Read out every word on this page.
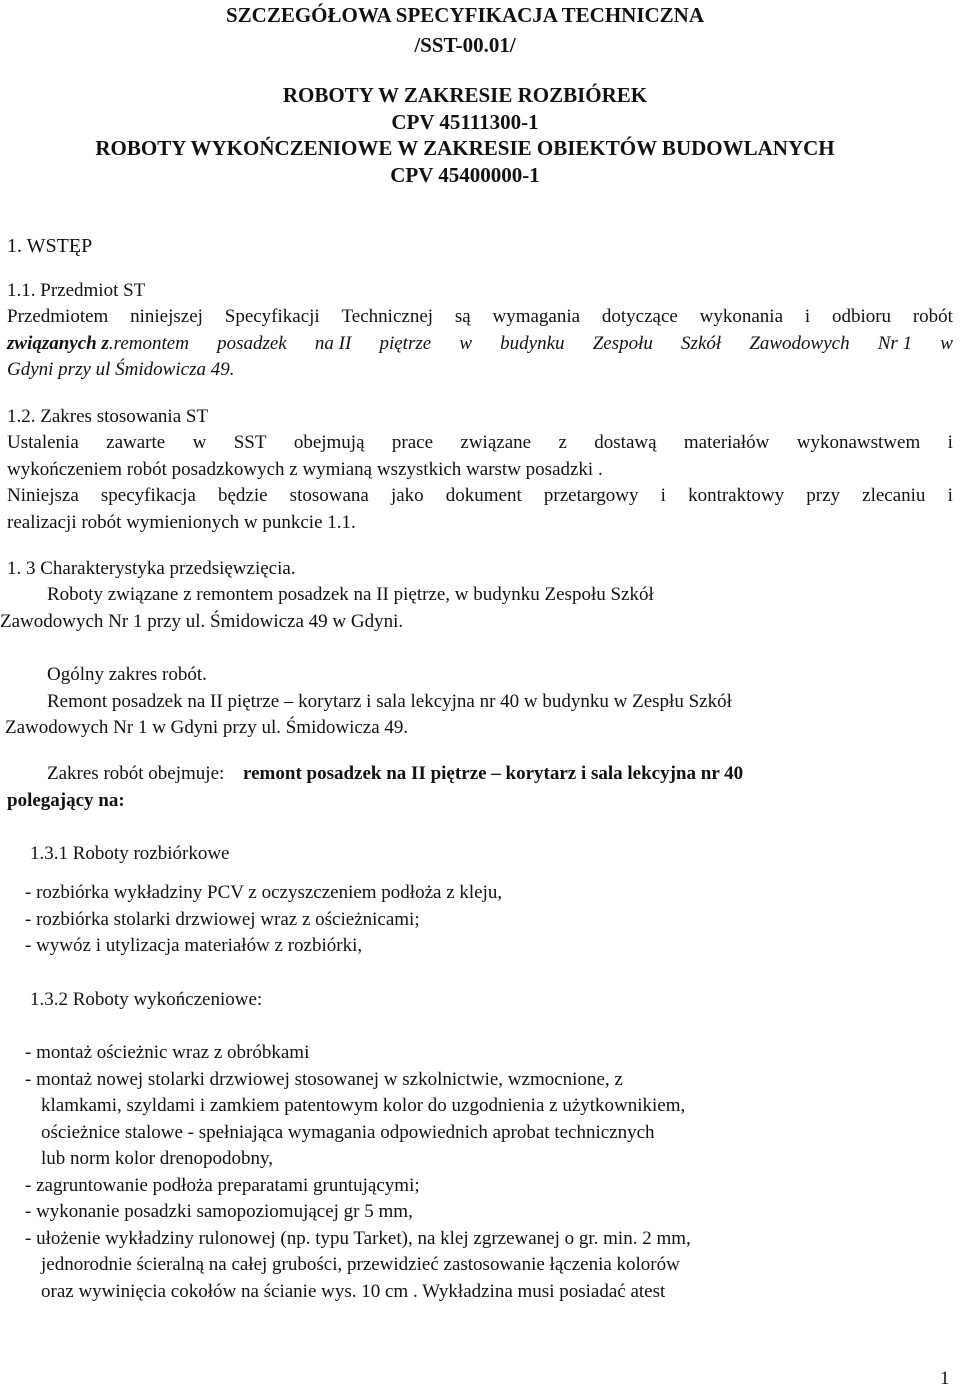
SZCZEGÓŁOWA SPECYFIKACJA TECHNICZNA
/SST-00.01/
ROBOTY W ZAKRESIE ROZBIÓREK
CPV 45111300-1
ROBOTY WYKOŃCZENIOWE W ZAKRESIE OBIEKTÓW BUDOWLANYCH
CPV 45400000-1
1. WSTĘP
1.1. Przedmiot ST
Przedmiotem niniejszej Specyfikacji Technicznej są wymagania dotyczące wykonania i odbioru robót
związanych z .remontem posadzek na II piętrze w budynku Zespołu Szkół Zawodowych Nr 1 w
Gdyni przy ul Śmidowicza 49.
1.2. Zakres stosowania ST
Ustalenia zawarte w SST obejmują prace związane z dostawą materiałów wykonawstwem i
wykończeniem robót posadzkowych z wymianą wszystkich warstw posadzki .
Niniejsza specyfikacja będzie stosowana jako dokument przetargowy i kontraktowy przy zlecaniu i
realizacji robót wymienionych w punkcie 1.1.
1. 3 Charakterystyka przedsięwzięcia.
Roboty związane z remontem posadzek na II piętrze, w budynku Zespołu Szkół
Zawodowych Nr 1 przy ul. Śmidowicza 49 w Gdyni.
Ogólny zakres robót.
Remont posadzek na II piętrze – korytarz i sala lekcyjna nr 40 w budynku w Zespłu Szkół
Zawodowych Nr 1 w Gdyni przy ul. Śmidowicza 49.
Zakres robót obejmuje: remont posadzek na II piętrze – korytarz i sala lekcyjna nr 40
polegający na:
1.3.1 Roboty rozbiórkowe
- rozbiórka wykładziny PCV z oczyszczeniem podłoża z kleju,
- rozbiórka stolarki drzwiowej wraz z ościeżnicami;
- wywóz i utylizacja materiałów z rozbiórki,
1.3.2 Roboty wykończeniowe:
- montaż ościeżnic wraz z obróbkami
- montaż nowej stolarki drzwiowej stosowanej w szkolnictwie, wzmocnione, z
klamkami, szyldami i zamkiem patentowym kolor do uzgodnienia z użytkownikiem,
ościeżnice stalowe - spełniająca wymagania odpowiednich aprobat technicznych
lub norm kolor drenopodobny,
- zagruntowanie podłoża preparatami gruntującymi;
- wykonanie posadzki samopoziomującej gr 5 mm,
- ułożenie wykładziny rulonowej (np. typu Tarket), na klej zgrzewanej o gr. min. 2 mm,
jednorodnie ścieralną na całej grubości, przewidzieć zastosowanie łączenia kolorów
oraz wywinięcia cokołów na ścianie wys. 10 cm . Wykładzina musi posiadać atest
1
